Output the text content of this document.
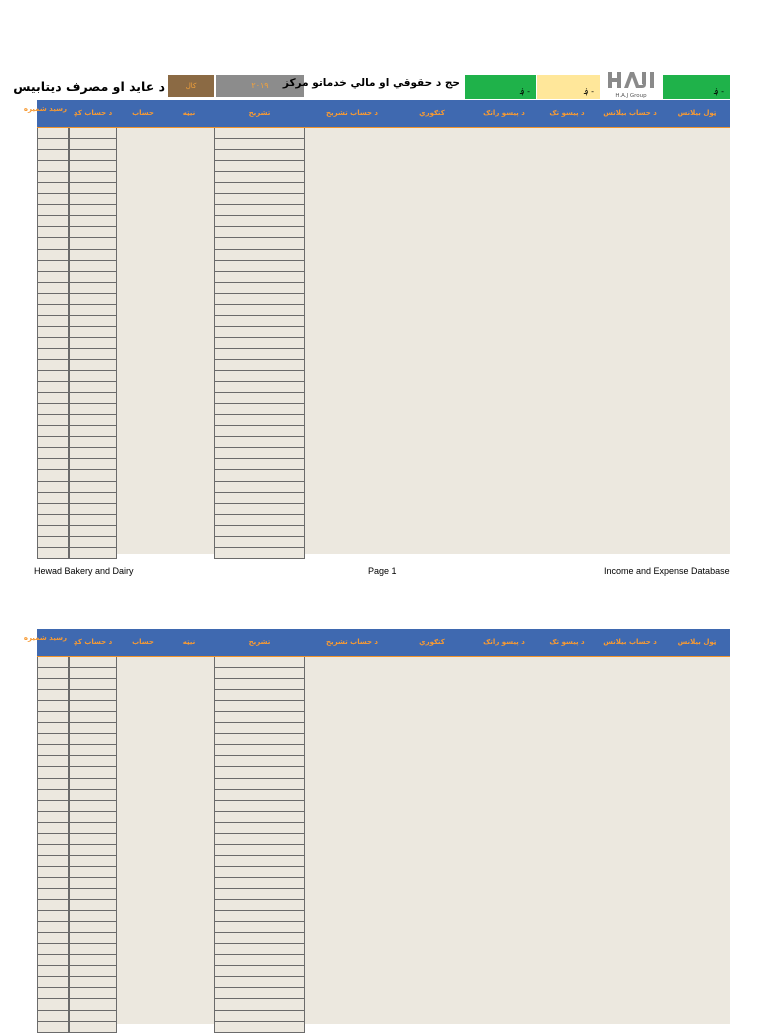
د عاید او مصرف دیتابیس	کال	۲۰۱۹	حج د حقوقي او مالي خدماتو مرکز
؋ -	؋ -	H.A.J Group	؋ -
رسید شمیره د حساب کډ	حساب	نیټه	تشریح	د حساب تشریح	کتګوري	د پیسو راتګ	د پیسو تګ	د حساب بیلانس	ټول بیلانس
Hewad Bakery and Dairy	Page 1	Income and Expense Database
رسید شمیره د حساب کډ	حساب	نیټه	تشریح	د حساب تشریح	کتګوري	د پیسو راتګ	د پیسو تګ	د حساب بیلانس	ټول بیلانس
